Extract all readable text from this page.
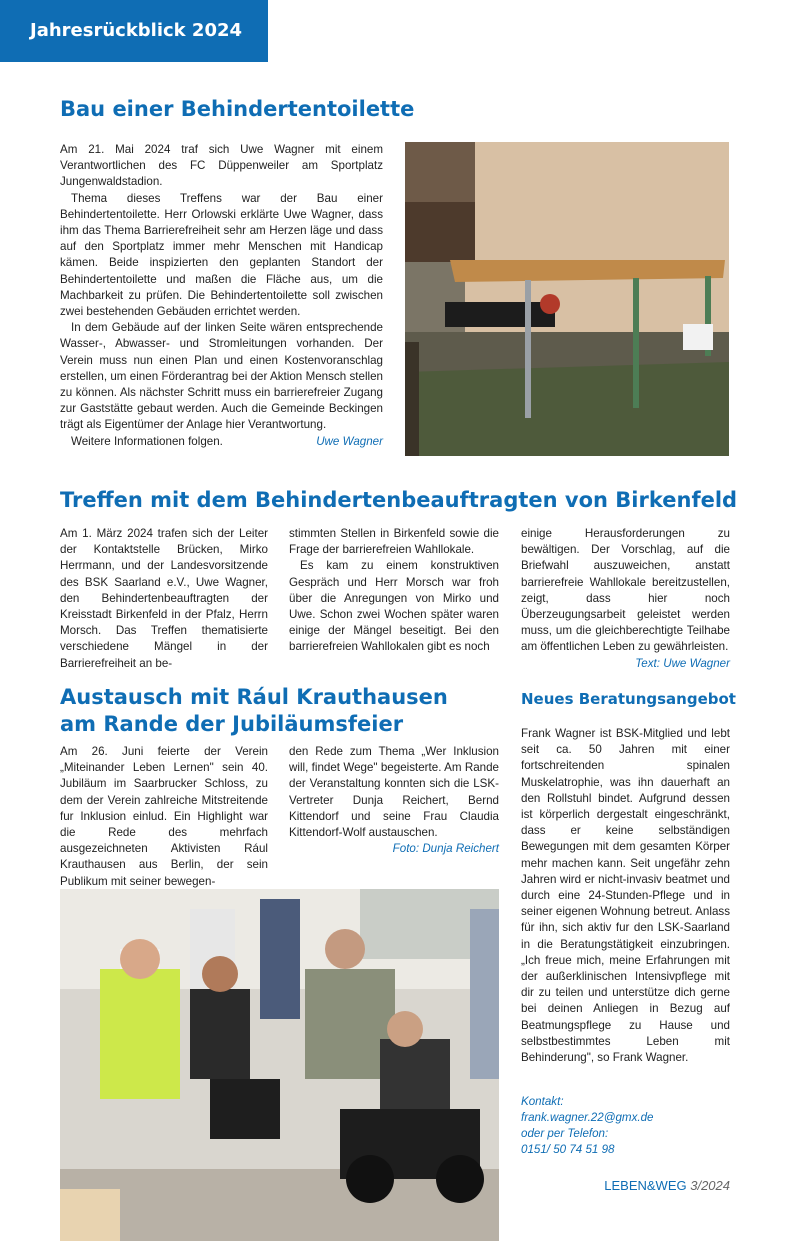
Jahresrückblick 2024
Bau einer Behindertentoilette

Am 21. Mai 2024 traf sich Uwe Wagner mit einem Verantwortlichen des FC Düppenweiler am Sportplatz Jungenwaldstadion.

Thema dieses Treffens war der Bau einer Behindertentoilette. Herr Orlowski erklärte Uwe Wagner, dass ihm das Thema Barrierefreiheit sehr am Herzen läge und dass auf den Sportplatz immer mehr Menschen mit Handicap kämen. Beide inspizierten den geplanten Standort der Behindertentoilette und maßen die Fläche aus, um die Machbarkeit zu prüfen. Die Behindertentoilette soll zwischen zwei bestehenden Gebäuden errichtet werden.

In dem Gebäude auf der linken Seite wären entsprechende Wasser-, Abwasser- und Stromleitungen vorhanden. Der Verein muss nun einen Plan und einen Kostenvoranschlag erstellen, um einen Förderantrag bei der Aktion Mensch stellen zu können. Als nächster Schritt muss ein barrierefreier Zugang zur Gaststätte gebaut werden. Auch die Gemeinde Beckingen trägt als Eigentümer der Anlage hier Verantwortung.

Weitere Informationen folgen.	Uwe Wagner

Treffen mit dem Behindertenbeauftragten von Birkenfeld
Am 1. März 2024 trafen sich der Leiter der Kontaktstelle Brücken, Mirko Herrmann, und der Landesvorsitzende des BSK Saarland e.V., Uwe Wagner, den Behindertenbeauftragten der Kreisstadt Birkenfeld in der Pfalz, Herrn Morsch. Das Treffen thematisierte verschiedene Mängel in der Barrierefreiheit an be-

stimmten Stellen in Birkenfeld sowie die Frage der barrierefreien Wahllokale.

Es kam zu einem konstruktiven Gespräch und Herr Morsch war froh über die Anregungen von Mirko und Uwe. Schon zwei Wochen später waren einige der Mängel beseitigt. Bei den barrierefreien Wahllokalen gibt es noch

einige Herausforderungen zu bewältigen. Der Vorschlag, auf die Briefwahl auszuweichen, anstatt barrierefreie Wahllokale bereitzustellen, zeigt, dass hier noch Überzeugungsarbeit geleistet werden muss, um die gleichberechtigte Teilhabe am öffentlichen Leben zu gewährleisten.
Text: Uwe Wagner

Austausch mit Rául Krauthausen
am Rande der Jubiläumsfeier
Am 26. Juni feierte der Verein „Miteinander Leben Lernen" sein 40. Jubiläum im Saarbrucker Schloss, zu dem der Verein zahlreiche Mitstreitende fur Inklusion einlud. Ein Highlight war die Rede des mehrfach ausgezeichneten Aktivisten Rául Krauthausen aus Berlin, der sein Publikum mit seiner bewegen-

den Rede zum Thema „Wer Inklusion will, findet Wege" begeisterte. Am Rande der Veranstaltung konnten sich die LSK-Vertreter Dunja Reichert, Bernd Kittendorf und seine Frau Claudia Kittendorf-Wolf austauschen.

Foto: Dunja Reichert

Neues Beratungsangebot
Frank Wagner ist BSK-Mitglied und lebt seit ca. 50 Jahren mit einer fortschreitenden spinalen Muskelatrophie, was ihn dauerhaft an den Rollstuhl bindet. Aufgrund dessen ist körperlich dergestalt eingeschränkt, dass er keine selbständigen Bewegungen mit dem gesamten Körper mehr machen kann. Seit ungefähr zehn Jahren wird er nicht-invasiv beatmet und durch eine 24-Stunden-Pflege und in seiner eigenen Wohnung betreut. Anlass für ihn, sich aktiv fur den LSK-Saarland in die Beratungstätigkeit einzubringen. „Ich freue mich, meine Erfahrungen mit der außerklinischen Intensivpflege mit dir zu teilen und unterstütze dich gerne bei deinen Anliegen in Bezug auf Beatmungspflege zu Hause und selbstbestimmtes Leben mit Behinderung", so Frank Wagner.
Kontakt:
frank.wagner.22@gmx.de
oder per Telefon:
0151/ 50 74 51 98
LEBEN&WEG 3/2024
